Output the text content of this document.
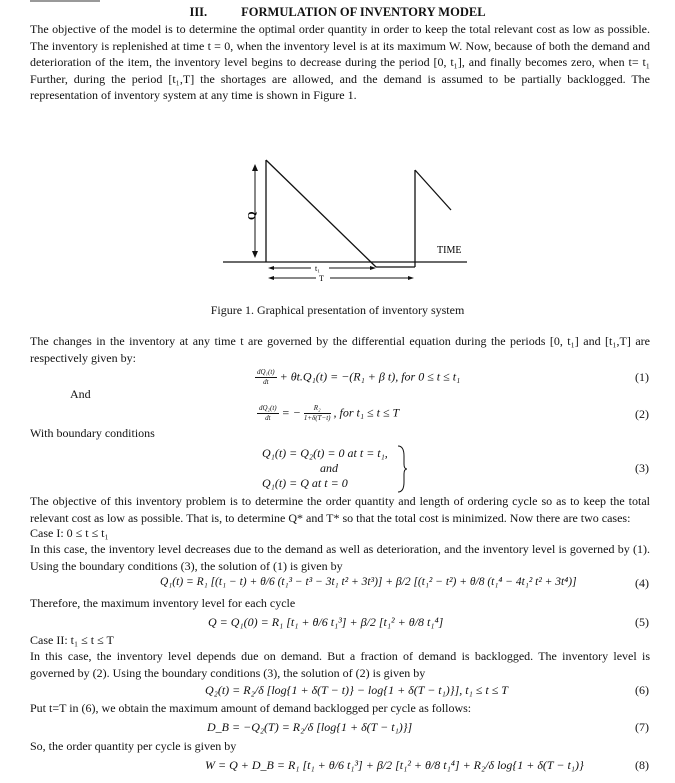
III.	FORMULATION OF INVENTORY MODEL
The objective of the model is to determine the optimal order quantity in order to keep the total relevant cost as low as possible. The inventory is replenished at time t = 0, when the inventory level is at its maximum W. Now, because of both the demand and deterioration of the item, the inventory level begins to decrease during the period [0, t₁], and finally becomes zero, when t= t₁ Further, during the period [t₁,T] the shortages are allowed, and the demand is assumed to be partially backlogged. The representation of inventory system at any time is shown in Figure 1.
Q
TIME
t₁
T
Figure 1. Graphical presentation of inventory system
The changes in the inventory at any time t are governed by the differential equation during the periods [0, t₁] and [t₁,T] are respectively given by:
$\frac{\text{dQ₁(t)}}{dt} + \theta t.Q_1(t) = -(R_1 + \beta$ t), for 0 ≤ t ≤ t₁	(1)
And
$\frac{\text{dQ₂(t)}}{dt}$ = − $\frac{\text{R₂}}{1+\delta(T-t)}$ , for t₁ ≤ t ≤ T	(2)
With boundary conditions
Q₁(t) = Q₂(t) = 0 at t = t₁,
and
Q₁(t) = Q at t = 0
(3)
The objective of this inventory problem is to determine the order quantity and length of ordering cycle so as to keep the total relevant cost as low as possible. That is, to determine Q* and T* so that the total cost is minimized. Now there are two cases:
Case I: 0 ≤ t ≤ t₁
In this case, the inventory level decreases due to the demand as well as deterioration, and the inventory level is governed by (1). Using the boundary conditions (3), the solution of (1) is given by
Q₁(t) = R₁ [(t₁ − t) + θ/6 (t₁³ − t³ − 3t₁ t² + 3t³)] + β/2 [(t₁² − t²) + θ/8 (t₁⁴ − 4t₁² t² + 3t⁴)]	(4)
Therefore, the maximum inventory level for each cycle
Q = Q₁(0) = R₁ [t₁ + θ/6 t₁³] + β/2 [t₁² + θ/8 t₁⁴]	(5)
Case II: t₁ ≤ t ≤ T
In this case, the inventory level depends due on demand. But a fraction of demand is backlogged. The inventory level is governed by (2). Using the boundary conditions (3), the solution of (2) is given by
Q₂(t) = R₂/δ [log{1 + δ(T − t)} − log{1 + δ(T − t₁)}], t₁ ≤ t ≤ T	(6)
Put t=T in (6), we obtain the maximum amount of demand backlogged per cycle as follows:
D_B = −Q₂(T) = R₂/δ [log{1 + δ(T − t₁)}]	(7)
So, the order quantity per cycle is given by
W = Q + D_B = R₁ [t₁ + θ/6 t₁³] + β/2 [t₁² + θ/8 t₁⁴] + R₂/δ log{1 + δ(T − t₁)}	(8)
